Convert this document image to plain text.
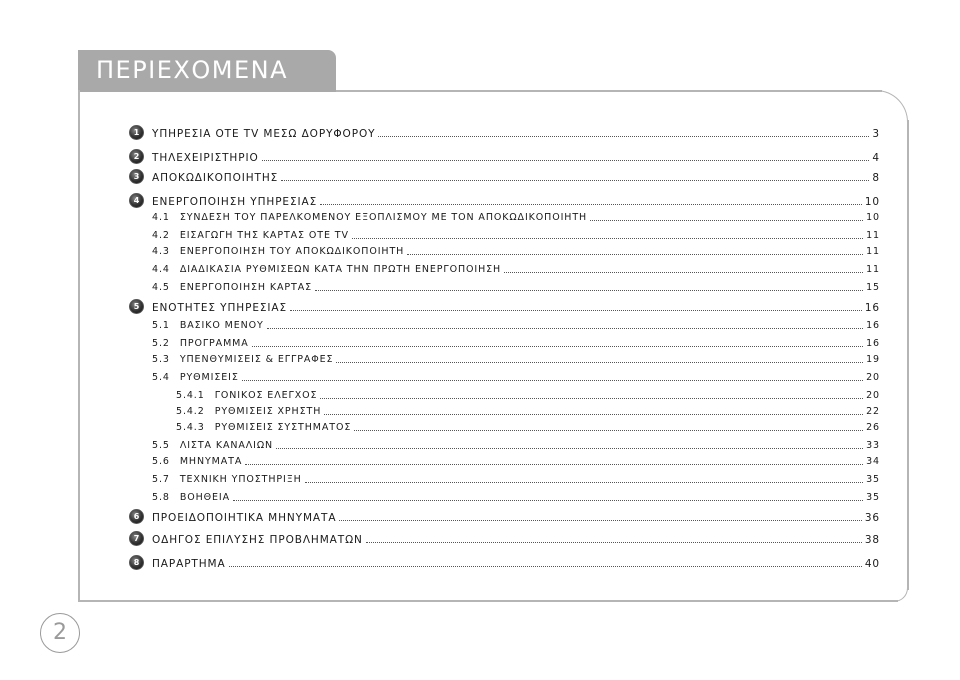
ΠΕΡΙΕΧΟΜΕΝΑ
ΥΠΗΡΕΣΙΑ OTE TV ΜΕΣΩ ΔΟΡΥΦΟΡΟΥ	3
1
ΤΗΛΕΧΕΙΡΙΣΤΗΡΙΟ	4
2
ΑΠΟΚΩΔΙΚΟΠΟΙΗΤΗΣ	8
3
ΕΝΕΡΓΟΠΟΙΗΣΗ ΥΠΗΡΕΣΙΑΣ	10
4
4.1 ΣΥΝΔΕΣΗ ΤΟΥ ΠΑΡΕΛΚΟΜΕΝΟΥ ΕΞΟΠΛΙΣΜΟΥ ΜΕ ΤΟΝ ΑΠΟΚΩΔΙΚΟΠΟΙΗΤΗ	10
4.2 ΕΙΣΑΓΩΓΗ ΤΗΣ ΚΑΡΤΑΣ OTE TV	11
4.3 ΕΝΕΡΓΟΠΟΙΗΣΗ ΤΟΥ ΑΠΟΚΩΔΙΚΟΠΟΙΗΤΗ	11
4.4 ΔΙΑΔΙΚΑΣΙΑ ΡΥΘΜΙΣΕΩΝ ΚΑΤΑ ΤΗΝ ΠΡΩΤΗ ΕΝΕΡΓΟΠΟΙΗΣΗ	11
4.5 ΕΝΕΡΓΟΠΟΙΗΣΗ ΚΑΡΤΑΣ	15
ΕΝΟΤΗΤΕΣ ΥΠΗΡΕΣΙΑΣ	16
5
5.1 ΒΑΣΙΚΟ ΜΕΝΟΥ	16
5.2 ΠΡΟΓΡΑΜΜΑ	16
5.3 ΥΠΕΝΘΥΜΙΣΕΙΣ & ΕΓΓΡΑΦΕΣ	19
5.4 ΡΥΘΜΙΣΕΙΣ	20
5.4.1 ΓΟΝΙΚΟΣ ΕΛΕΓΧΟΣ	20
5.4.2 ΡΥΘΜΙΣΕΙΣ ΧΡΗΣΤΗ	22
5.4.3 ΡΥΘΜΙΣΕΙΣ ΣΥΣΤΗΜΑΤΟΣ	26
5.5 ΛΙΣΤΑ ΚΑΝΑΛΙΩΝ	33
5.6 ΜΗΝΥΜΑΤΑ	34
5.7 ΤΕΧΝΙΚΗ ΥΠΟΣΤΗΡΙΞΗ	35
5.8 ΒΟΗΘΕΙΑ	35
ΠΡΟΕΙΔΟΠΟΙΗΤΙΚΑ ΜΗΝΥΜΑΤΑ	36
6
ΟΔΗΓΟΣ ΕΠΙΛΥΣΗΣ ΠΡΟΒΛΗΜΑΤΩΝ	38
7
ΠΑΡΑΡΤΗΜΑ	40
8
2
